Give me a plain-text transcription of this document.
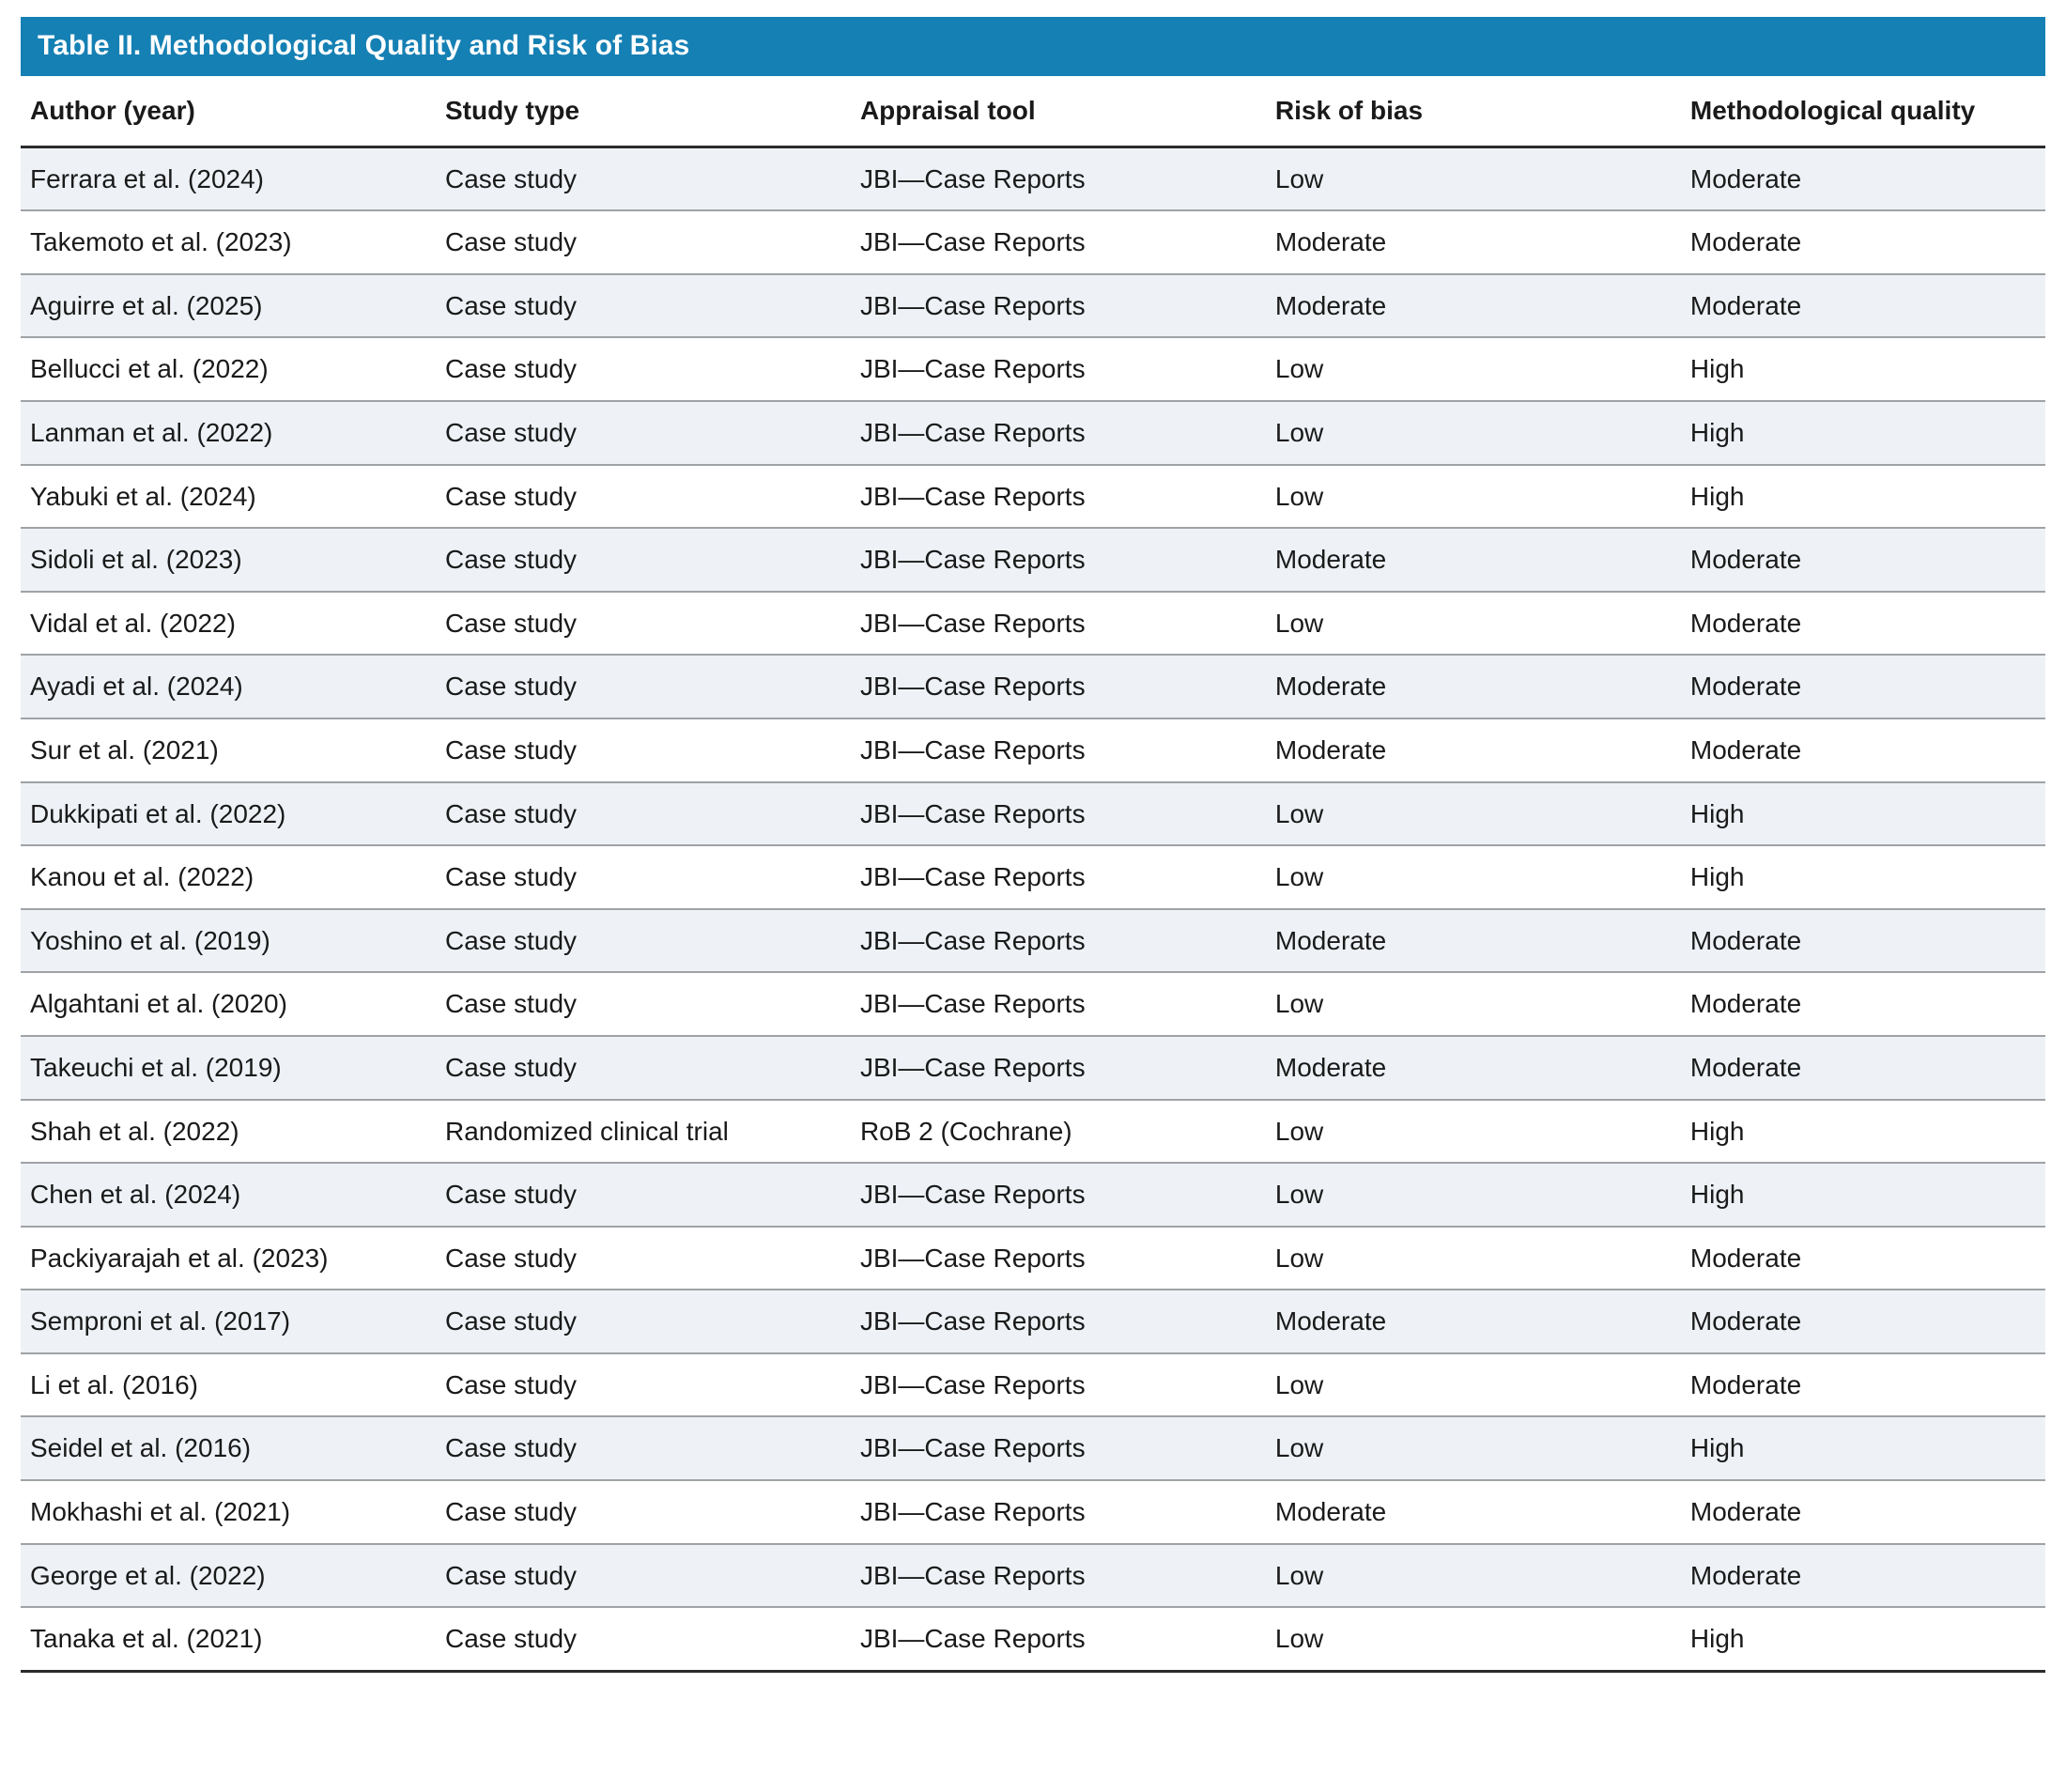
Table II. Methodological Quality and Risk of Bias
Author (year)	Study type	Appraisal tool	Risk of bias	Methodological quality
Ferrara et al. (2024)	Case study	JBI—Case Reports	Low	Moderate
Takemoto et al. (2023)	Case study	JBI—Case Reports	Moderate	Moderate
Aguirre et al. (2025)	Case study	JBI—Case Reports	Moderate	Moderate
Bellucci et al. (2022)	Case study	JBI—Case Reports	Low	High
Lanman et al. (2022)	Case study	JBI—Case Reports	Low	High
Yabuki et al. (2024)	Case study	JBI—Case Reports	Low	High
Sidoli et al. (2023)	Case study	JBI—Case Reports	Moderate	Moderate
Vidal et al. (2022)	Case study	JBI—Case Reports	Low	Moderate
Ayadi et al. (2024)	Case study	JBI—Case Reports	Moderate	Moderate
Sur et al. (2021)	Case study	JBI—Case Reports	Moderate	Moderate
Dukkipati et al. (2022)	Case study	JBI—Case Reports	Low	High
Kanou et al. (2022)	Case study	JBI—Case Reports	Low	High
Yoshino et al. (2019)	Case study	JBI—Case Reports	Moderate	Moderate
Algahtani et al. (2020)	Case study	JBI—Case Reports	Low	Moderate
Takeuchi et al. (2019)	Case study	JBI—Case Reports	Moderate	Moderate
Shah et al. (2022)	Randomized clinical trial	RoB 2 (Cochrane)	Low	High
Chen et al. (2024)	Case study	JBI—Case Reports	Low	High
Packiyarajah et al. (2023)	Case study	JBI—Case Reports	Low	Moderate
Semproni et al. (2017)	Case study	JBI—Case Reports	Moderate	Moderate
Li et al. (2016)	Case study	JBI—Case Reports	Low	Moderate
Seidel et al. (2016)	Case study	JBI—Case Reports	Low	High
Mokhashi et al. (2021)	Case study	JBI—Case Reports	Moderate	Moderate
George et al. (2022)	Case study	JBI—Case Reports	Low	Moderate
Tanaka et al. (2021)	Case study	JBI—Case Reports	Low	High
